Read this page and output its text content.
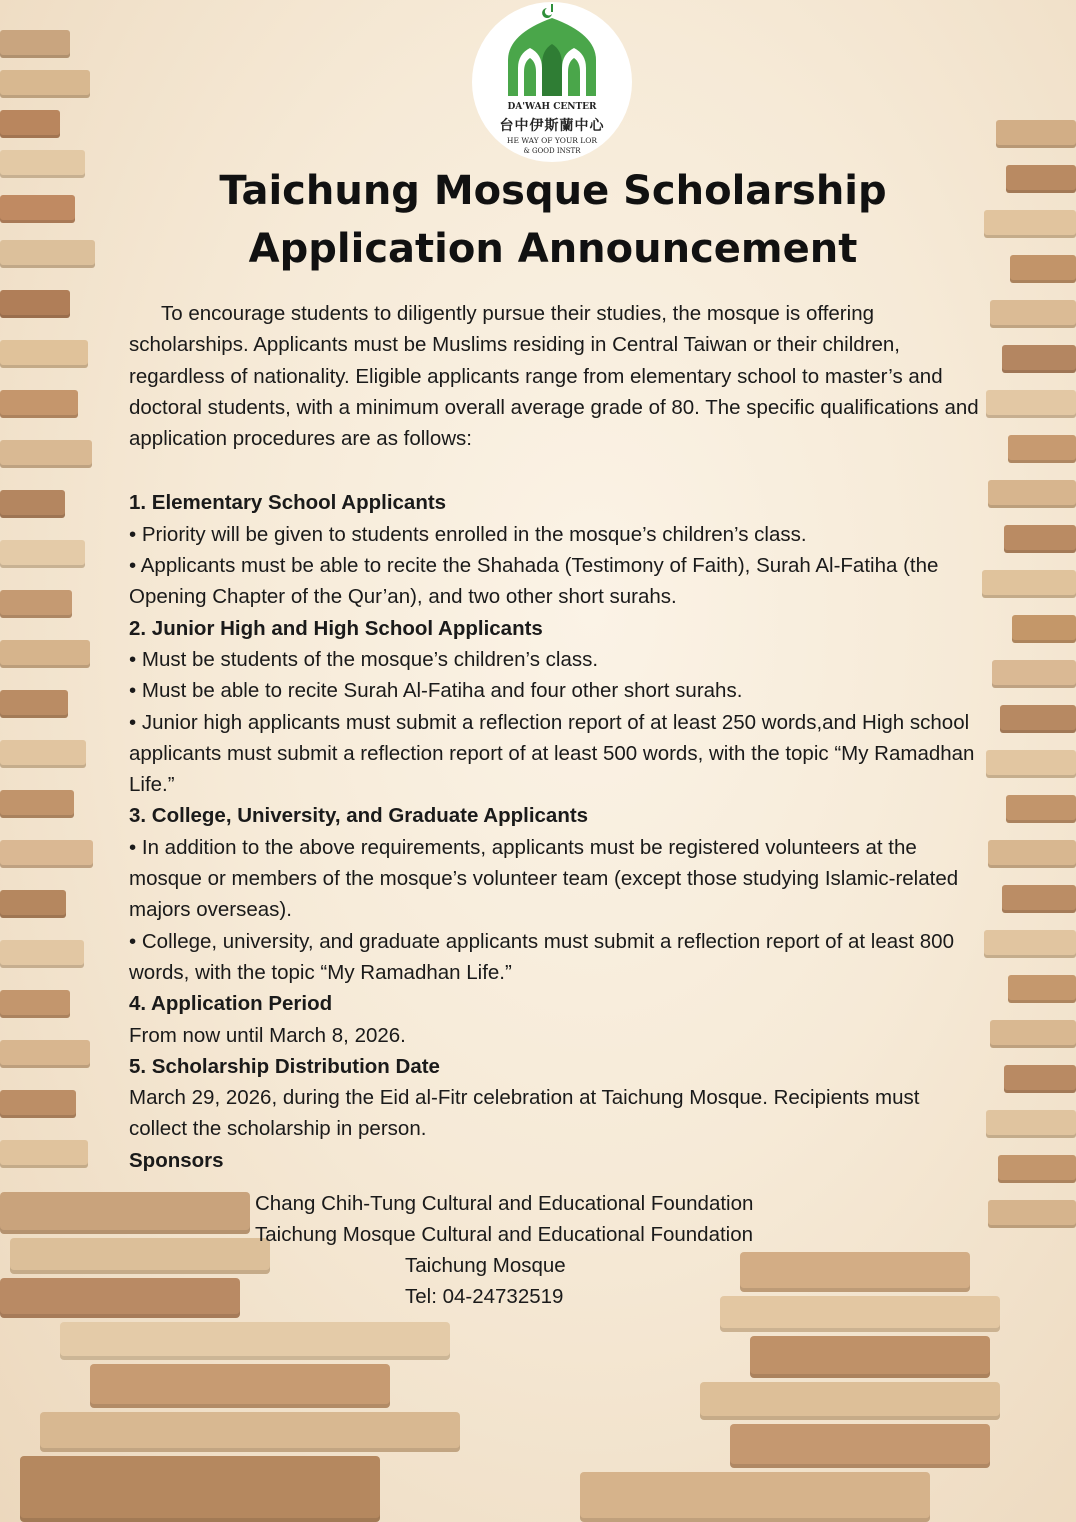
DA'WAH CENTER
台中伊斯蘭中心
HE WAY OF YOUR LOR
& GOOD INSTR
Taichung Mosque Scholarship
Application Announcement

To encourage students to diligently pursue their studies, the mosque is offering scholarships. Applicants must be Muslims residing in Central Taiwan or their children, regardless of nationality. Eligible applicants range from elementary school to master’s and doctoral students, with a minimum overall average grade of 80. The specific qualifications and application procedures are as follows:

1. Elementary School Applicants

• Priority will be given to students enrolled in the mosque’s children’s class.

• Applicants must be able to recite the Shahada (Testimony of Faith), Surah Al-Fatiha (the Opening Chapter of the Qur’an), and two other short surahs.

2. Junior High and High School Applicants

• Must be students of the mosque’s children’s class.

• Must be able to recite Surah Al-Fatiha and four other short surahs.

• Junior high applicants must submit a reflection report of at least 250 words,and High school applicants must submit a reflection report of at least 500 words, with the topic “My Ramadhan Life.”

3. College, University, and Graduate Applicants

• In addition to the above requirements, applicants must be registered volunteers at the mosque or members of the mosque’s volunteer team (except those studying Islamic-related majors overseas).

• College, university, and graduate applicants must submit a reflection report of at least 800 words, with the topic “My Ramadhan Life.”

4. Application Period

From now until March 8, 2026.

5. Scholarship Distribution Date

March 29, 2026, during the Eid al-Fitr celebration at Taichung Mosque. Recipients must collect the scholarship in person.

Sponsors

Chang Chih-Tung Cultural and Educational Foundation
Taichung Mosque Cultural and Educational Foundation
Taichung Mosque
Tel: 04-24732519
